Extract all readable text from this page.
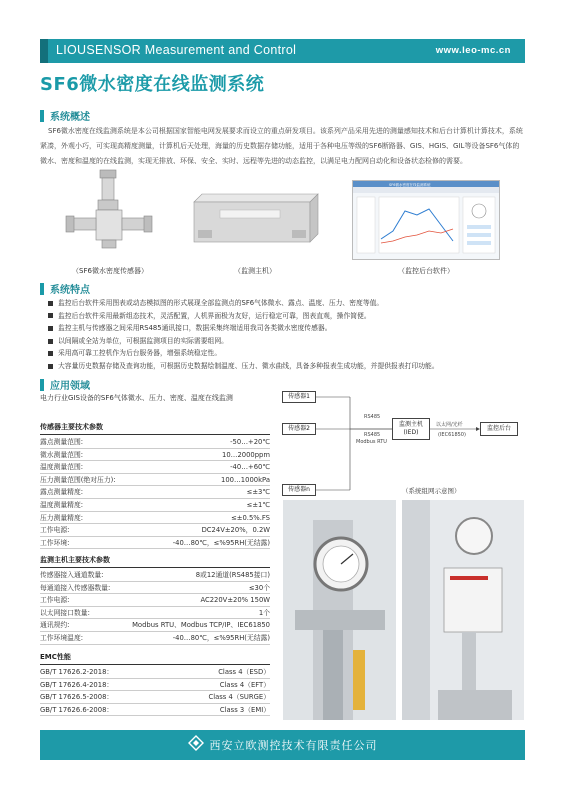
LIOUSENSOR Measurement and Control	www.leo-mc.cn
SF6微水密度在线监测系统
系统概述

SF6微水密度在线监测系统是本公司根据国家智能电网发展要求而设立的重点研发项目。该系列产品采用先进的测量感知技术和后台计算机计算技术，系统紧凑，外观小巧，可实现高精度测量，计算机后天处理，海量的历史数据存储功能，适用于各种电压等级的SF6断路器、GIS、HGIS、GIL等设备SF6气体的微水、密度和温度的在线监测，实现无排放、环保、安全、实时、远程等先进的动态监控，以满足电力配网自动化和设备状态检修的需要。

（SF6微水密度传感器）	（监测主机）
SF6微水密度在线监测系统
（监控后台软件）
系统特点
监控后台软件采用图表或动态模拟图的形式展现全部监测点的SF6气体微水、露点、温度、压力、密度等值。
监控后台软件采用最新组态技术，灵活配置，人机界面极为友好，运行稳定可靠，图表直观，操作简便。
监控主机与传感器之间采用RS485通讯接口，数据采集终端适用我司各类微水密度传感器。
以间隔或全站为单位，可根据监测项目的实际需要组网。
采用高可靠工控机作为后台服务器，增强系统稳定性。
大容量历史数据存储及查询功能，可根据历史数据绘制温度、压力、微水曲线，具备多种报表生成功能，并提供报表打印功能。
应用领域
电力行业GIS设备的SF6气体微水、压力、密度、温度在线监测
传感器主要技术参数
露点测量范围:	-50…+20℃
微水测量范围:	10…2000ppm
温度测量范围:	-40…+60℃
压力测量范围(绝对压力):	100…1000kPa
露点测量精度:	≤±3℃
温度测量精度:	≤±1℃
压力测量精度:	≤±0.5%.FS
工作电源:	DC24V±20%，0.2W
工作环境:	-40…80℃，≤%95RH(无结露)
监测主机主要技术参数
传感器接入通道数量:	8或12通道(RS485接口)
每通道接入传感器数量:	≤30个
工作电源:	AC220V±20% 150W
以太网接口数量:	1个
通讯规约:	Modbus RTU、Modbus TCP/IP、IEC61850
工作环境温度:	-40…80℃，≤%95RH(无结露)
EMC性能
GB/T 17626.2-2018：	Class 4（ESD）
GB/T 17626.4-2018：	Class 4（EFT）
GB/T 17626.5-2008：	Class 4（SURGE）
GB/T 17626.6-2008：	Class 3（EMI）
传感器1
传感器2
传感器n
监测主机
(IED)
监控后台
RS485
RS485
Modbus RTU
以太网/光纤
(IEC61850)
（系统组网示意图）
西安立欧测控技术有限责任公司
